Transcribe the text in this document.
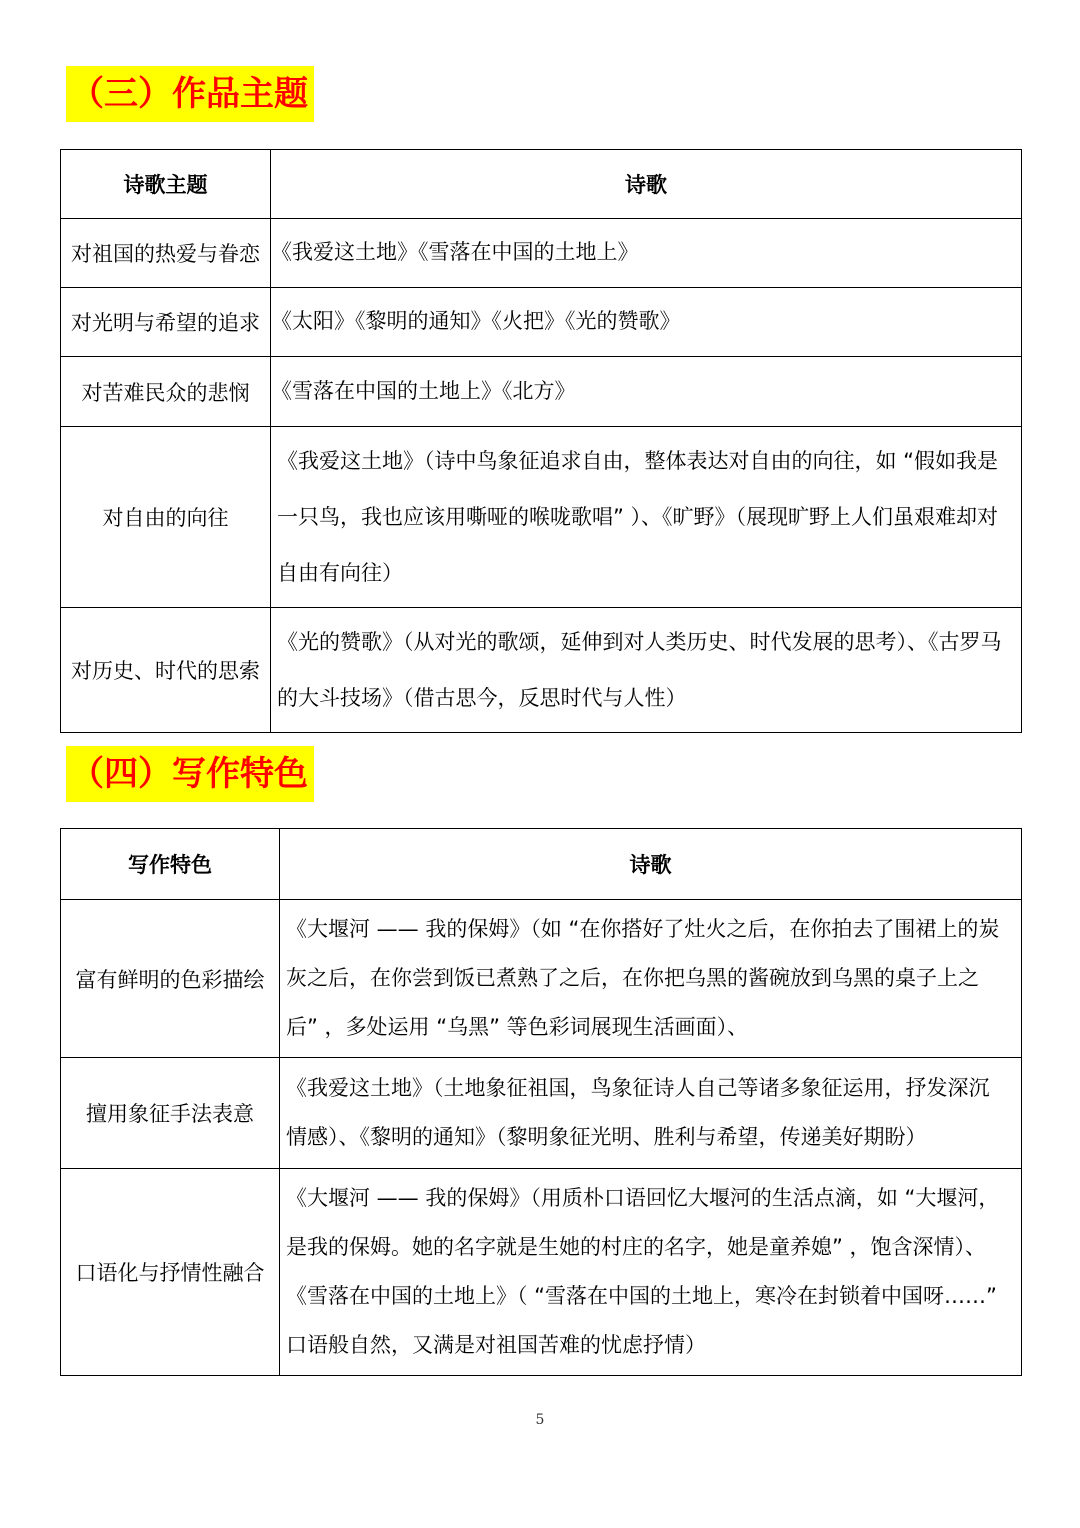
（三）作品主题
诗歌主题	诗歌
对祖国的热爱与眷恋	《我爱这土地》《雪落在中国的土地上》
对光明与希望的追求	《太阳》《黎明的通知》《火把》《光的赞歌》
对苦难民众的悲悯	《雪落在中国的土地上》《北方》
对自由的向往	《我爱这土地》（诗中鸟象征追求自由，整体表达对自由的向往，如 “假如我是一只鸟，我也应该用嘶哑的喉咙歌唱” ）、《旷野》（展现旷野上人们虽艰难却对自由有向往）
对历史、时代的思索	《光的赞歌》（从对光的歌颂，延伸到对人类历史、时代发展的思考）、《古罗马的大斗技场》（借古思今，反思时代与人性）
（四）写作特色
写作特色	诗歌
富有鲜明的色彩描绘	《大堰河 —— 我的保姆》（如 “在你搭好了灶火之后，在你拍去了围裙上的炭灰之后，在你尝到饭已煮熟了之后，在你把乌黑的酱碗放到乌黑的桌子上之后” ，多处运用 “乌黑” 等色彩词展现生活画面）、
擅用象征手法表意	《我爱这土地》（土地象征祖国，鸟象征诗人自己等诸多象征运用，抒发深沉情感）、《黎明的通知》（黎明象征光明、胜利与希望，传递美好期盼）
口语化与抒情性融合	《大堰河 —— 我的保姆》（用质朴口语回忆大堰河的生活点滴，如 “大堰河，是我的保姆。她的名字就是生她的村庄的名字，她是童养媳” ，饱含深情）、《雪落在中国的土地上》（ “雪落在中国的土地上，寒冷在封锁着中国呀……” 口语般自然，又满是对祖国苦难的忧虑抒情）
5
